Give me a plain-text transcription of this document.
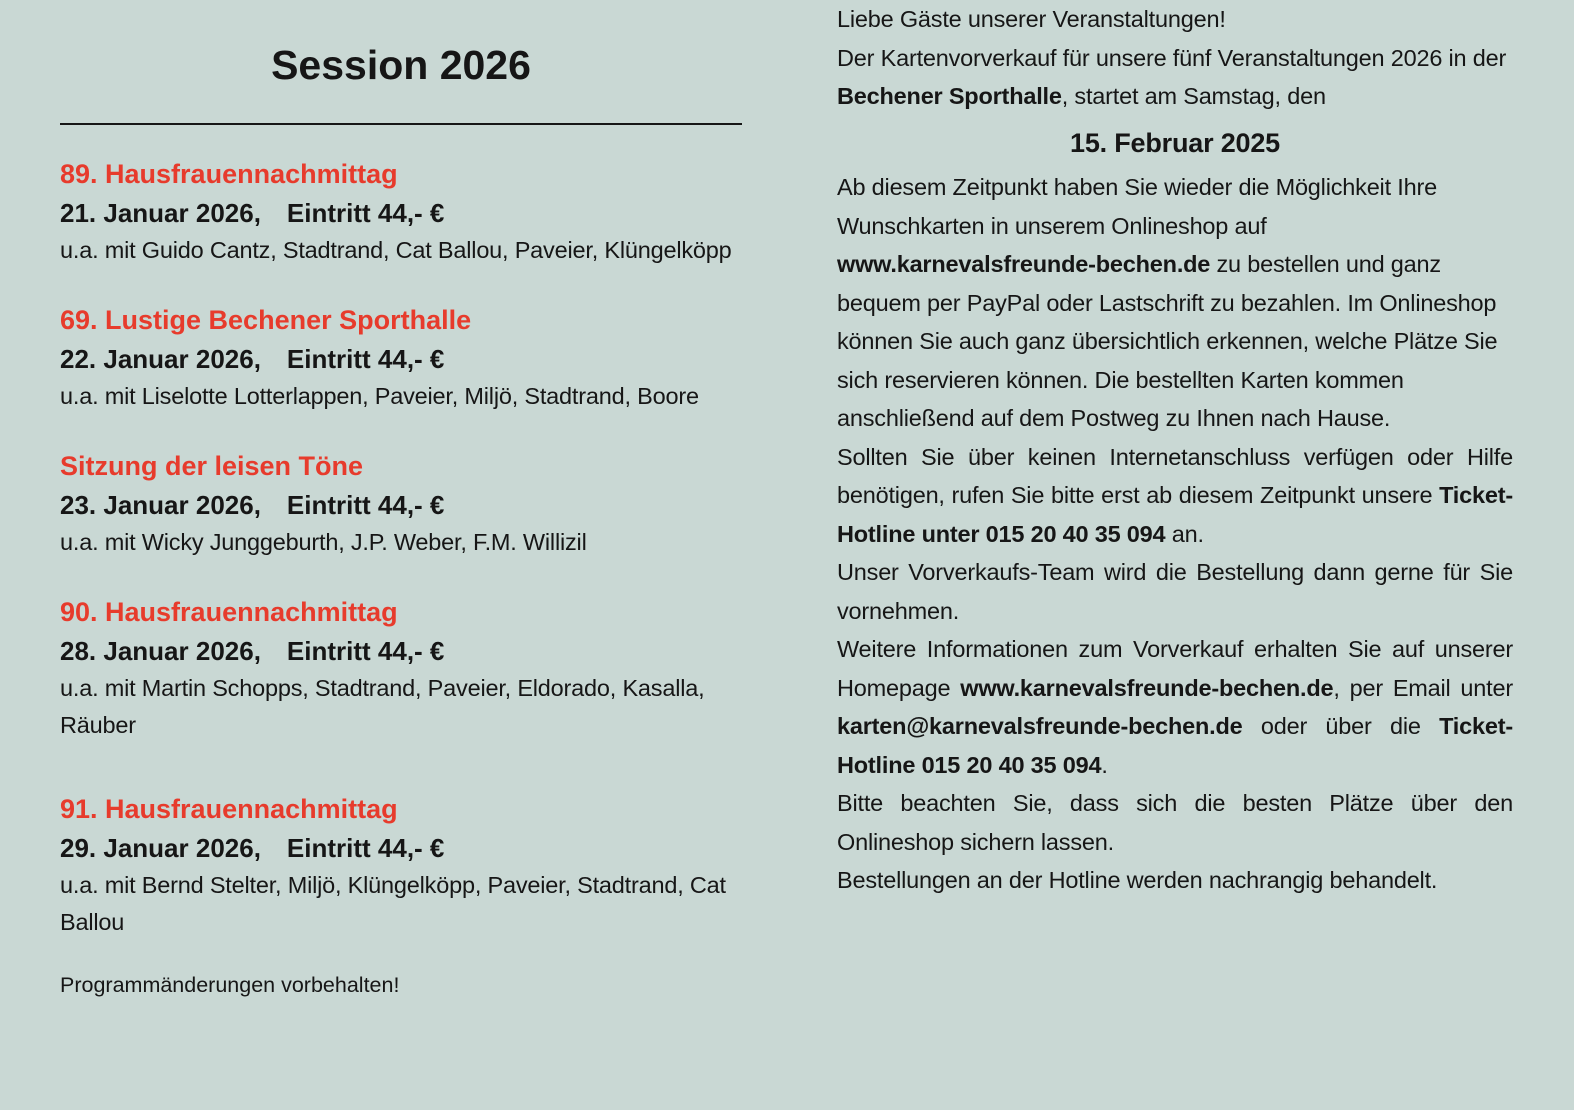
Session 2026
89. Hausfrauennachmittag
21. Januar 2026, Eintritt 44,- €
u.a. mit Guido Cantz, Stadtrand, Cat Ballou, Paveier, Klüngelköpp
69. Lustige Bechener Sporthalle
22. Januar 2026, Eintritt 44,- €
u.a. mit Liselotte Lotterlappen, Paveier, Miljö, Stadtrand, Boore
Sitzung der leisen Töne
23. Januar 2026, Eintritt 44,- €
u.a. mit Wicky Junggeburth, J.P. Weber, F.M. Willizil
90. Hausfrauennachmittag
28. Januar 2026, Eintritt 44,- €
u.a. mit Martin Schopps, Stadtrand, Paveier, Eldorado, Kasalla, Räuber
91. Hausfrauennachmittag
29. Januar 2026, Eintritt 44,- €
u.a. mit Bernd Stelter, Miljö, Klüngelköpp, Paveier, Stadtrand, Cat Ballou
Programmänderungen vorbehalten!

Liebe Gäste unserer Veranstaltungen!

Der Kartenvorverkauf für unsere fünf Veranstaltungen 2026 in der Bechener Sporthalle, startet am Samstag, den

15. Februar 2025

Ab diesem Zeitpunkt haben Sie wieder die Möglichkeit Ihre Wunschkarten in unserem Onlineshop auf www.karnevalsfreunde-bechen.de zu bestellen und ganz bequem per PayPal oder Lastschrift zu bezahlen. Im Onlineshop können Sie auch ganz übersichtlich erkennen, welche Plätze Sie sich reservieren können. Die bestellten Karten kommen anschließend auf dem Postweg zu Ihnen nach Hause.

Sollten Sie über keinen Internetanschluss verfügen oder Hilfe benötigen, rufen Sie bitte erst ab diesem Zeitpunkt unsere Ticket-Hotline unter 015 20 40 35 094 an.

Unser Vorverkaufs-Team wird die Bestellung dann gerne für Sie vornehmen.

Weitere Informationen zum Vorverkauf erhalten Sie auf unserer Homepage www.karnevalsfreunde-bechen.de, per Email unter karten@karnevalsfreunde-bechen.de oder über die Ticket-Hotline 015 20 40 35 094.

Bitte beachten Sie, dass sich die besten Plätze über den Onlineshop sichern lassen.

Bestellungen an der Hotline werden nachrangig behandelt.
